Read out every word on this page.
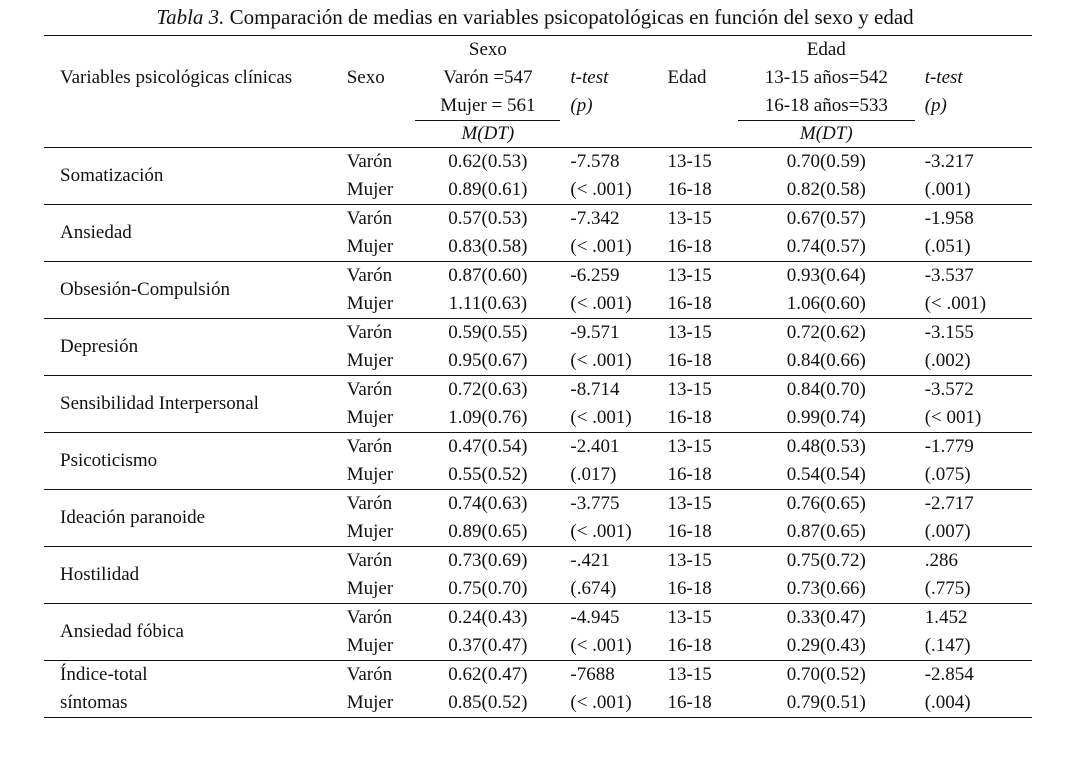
Tabla 3. Comparación de medias en variables psicopatológicas en función del sexo y edad
Variables psicológicas clínicas	Sexo	Sexo		Edad	Edad	
		Varón =547	t-test		13-15 años=542	t-test
		Mujer = 561	(p)		16-18 años=533	(p)
		M(DT)			M(DT)	
Somatización	Varón	0.62(0.53)	-7.578	13-15	0.70(0.59)	-3.217
	Mujer	0.89(0.61)	(< .001)	16-18	0.82(0.58)	(.001)
Ansiedad	Varón	0.57(0.53)	-7.342	13-15	0.67(0.57)	-1.958
	Mujer	0.83(0.58)	(< .001)	16-18	0.74(0.57)	(.051)
Obsesión-Compulsión	Varón	0.87(0.60)	-6.259	13-15	0.93(0.64)	-3.537
	Mujer	1.11(0.63)	(< .001)	16-18	1.06(0.60)	(< .001)
Depresión	Varón	0.59(0.55)	-9.571	13-15	0.72(0.62)	-3.155
	Mujer	0.95(0.67)	(< .001)	16-18	0.84(0.66)	(.002)
Sensibilidad Interpersonal	Varón	0.72(0.63)	-8.714	13-15	0.84(0.70)	-3.572
	Mujer	1.09(0.76)	(< .001)	16-18	0.99(0.74)	(< 001)
Psicoticismo	Varón	0.47(0.54)	-2.401	13-15	0.48(0.53)	-1.779
	Mujer	0.55(0.52)	(.017)	16-18	0.54(0.54)	(.075)
Ideación paranoide	Varón	0.74(0.63)	-3.775	13-15	0.76(0.65)	-2.717
	Mujer	0.89(0.65)	(< .001)	16-18	0.87(0.65)	(.007)
Hostilidad	Varón	0.73(0.69)	-.421	13-15	0.75(0.72)	.286
	Mujer	0.75(0.70)	(.674)	16-18	0.73(0.66)	(.775)
Ansiedad fóbica	Varón	0.24(0.43)	-4.945	13-15	0.33(0.47)	1.452
	Mujer	0.37(0.47)	(< .001)	16-18	0.29(0.43)	(.147)
Índice-total	Varón	0.62(0.47)	-7688	13-15	0.70(0.52)	-2.854
síntomas	Mujer	0.85(0.52)	(< .001)	16-18	0.79(0.51)	(.004)
